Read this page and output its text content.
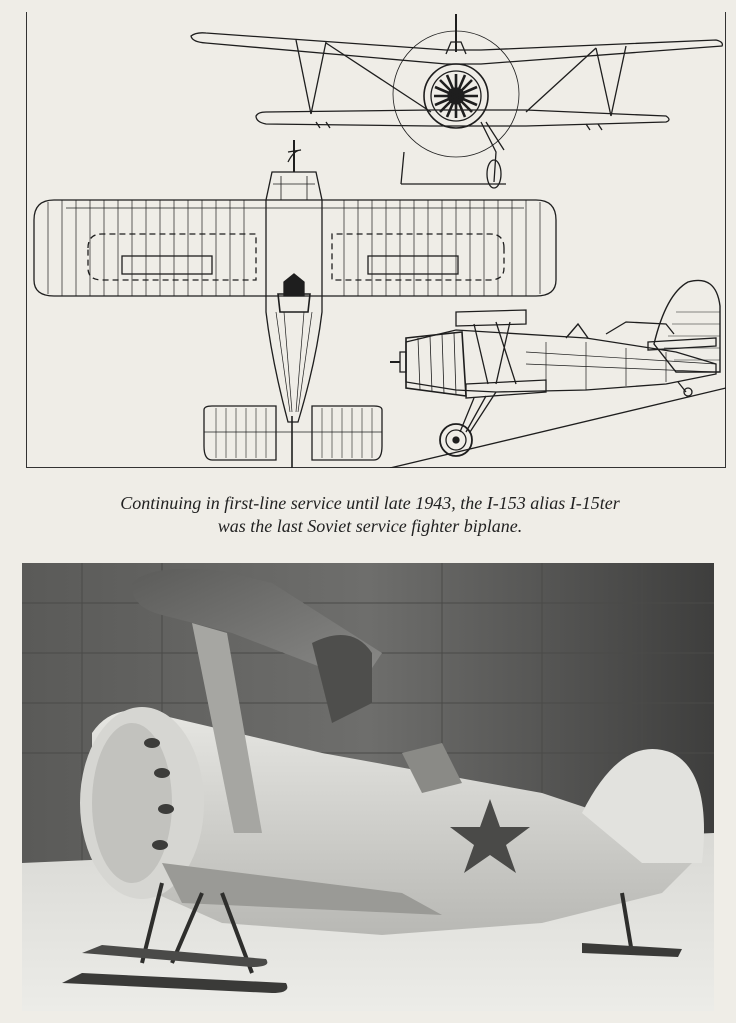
Continuing in first-line service until late 1943, the I-153 alias I-15ter
was the last Soviet service fighter biplane.
